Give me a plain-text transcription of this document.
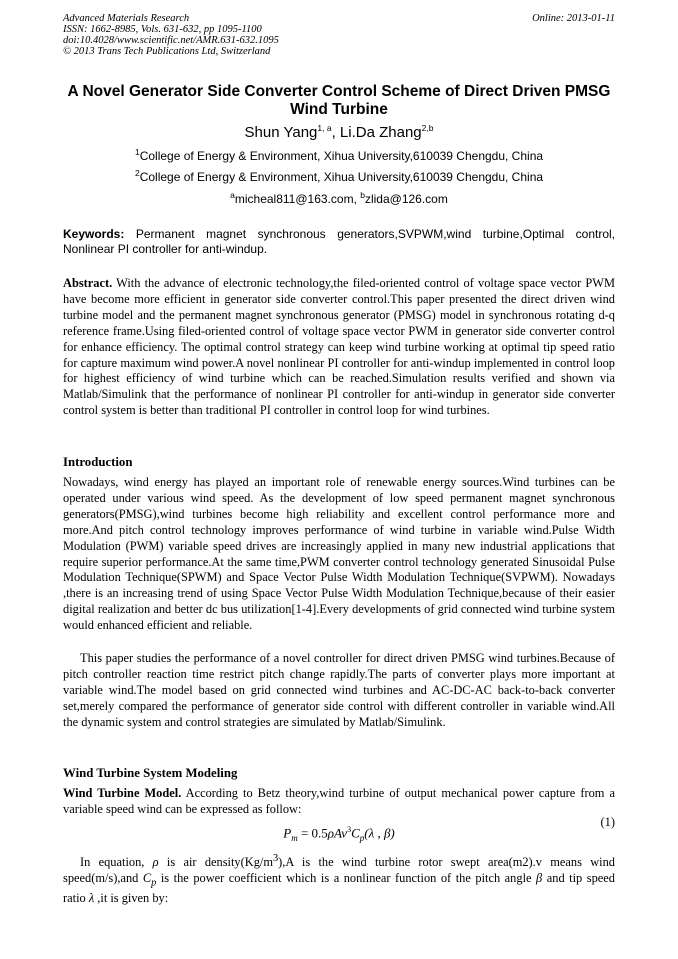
Advanced Materials Research
ISSN: 1662-8985, Vols. 631-632, pp 1095-1100
doi:10.4028/www.scientific.net/AMR.631-632.1095
© 2013 Trans Tech Publications Ltd, Switzerland
Online: 2013-01-11
A Novel Generator Side Converter Control Scheme of Direct Driven PMSG Wind Turbine
Shun Yang$^{1, a}$, Li.Da Zhang$^{2,b}$
$^1$College of Energy & Environment, Xihua University,610039 Chengdu, China
$^2$College of Energy & Environment, Xihua University,610039 Chengdu, China
$^a$micheal811@163.com, $^b$zlida@126.com
Keywords: Permanent magnet synchronous generators,SVPWM,wind turbine,Optimal control, Nonlinear PI controller for anti-windup.
Abstract. With the advance of electronic technology,the filed-oriented control of voltage space vector PWM have become more efficient in generator side converter control.This paper presented the direct driven wind turbine model and the permanent magnet synchronous generator (PMSG) model in synchronous rotating d-q reference frame.Using filed-oriented control of voltage space vector PWM in generator side converter control for enhance efficiency. The optimal control strategy can keep wind turbine working at optimal tip speed ratio for capture maximum wind power.A novel nonlinear PI controller for anti-windup implemented in control loop for highest efficiency of wind turbine which can be reached.Simulation results verified and shown via Matlab/Simulink that the performance of nonlinear PI controller for anti-windup in generator side converter control system is better than traditional PI controller in control loop for wind turbines.
Introduction
Nowadays, wind energy has played an important role of renewable energy sources.Wind turbines can be operated under various wind speed. As the development of low speed permanent magnet synchronous generators(PMSG),wind turbines become high reliability and excellent control performance more and more.And pitch control technology improves performance of wind turbine in variable wind.Pulse Width Modulation (PWM) variable speed drives are increasingly applied in many new industrial applications that require superior performance.At the same time,PWM converter control technology generated Sinusoidal Pulse Modulation Technique(SPWM) and Space Vector Pulse Width Modulation Technique(SVPWM). Nowadays ,there is an increasing trend of using Space Vector Pulse Width Modulation Technique,because of their easier digital realization and better dc bus utilization[1-4].Every developments of grid connected wind turbine system would enhanced efficient and reliable.
This paper studies the performance of a novel controller for direct driven PMSG wind turbines.Because of pitch controller reaction time restrict pitch change rapidly.The parts of converter plays more important at variable wind.The model based on grid connected wind turbines and AC-DC-AC back-to-back converter set,merely compared the performance of generator side control with different controller in variable wind.All the dynamic system and control strategies are simulated by Matlab/Simulink.
Wind Turbine System Modeling
Wind Turbine Model. According to Betz theory,wind turbine of output mechanical power capture from a variable speed wind can be expressed as follow:
$P_m = 0.5\rho Av^3C_p(\lambda$ , β)
(1)
In equation, ρ is air $density(Kg/m^3),A$ is the wind turbine rotor swept area(m2).v means wind speed(m/s),and $C_p$ is the power coefficient which is a nonlinear function of the pitch angle β and tip speed ratio λ ,it is given by:
